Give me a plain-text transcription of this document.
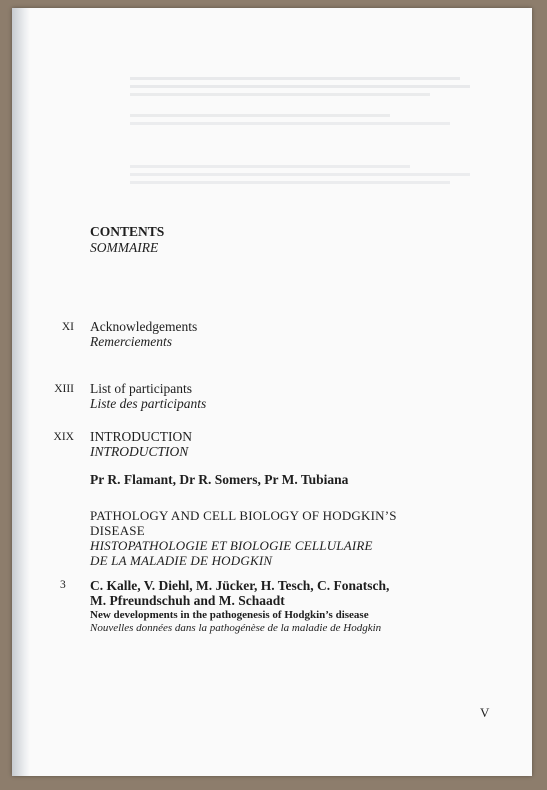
CONTENTS
SOMMAIRE
XI Acknowledgements
Remerciements
XIII List of participants
Liste des participants
XIX INTRODUCTION
INTRODUCTION
Pr R. Flamant, Dr R. Somers, Pr M. Tubiana
PATHOLOGY AND CELL BIOLOGY OF HODGKIN’S
DISEASE
HISTOPATHOLOGIE ET BIOLOGIE CELLULAIRE
DE LA MALADIE DE HODGKIN
3 C. Kalle, V. Diehl, M. Jücker, H. Tesch, C. Fonatsch,
M. Pfreundschuh and M. Schaadt
New developments in the pathogenesis of Hodgkin’s disease
Nouvelles données dans la pathogénèse de la maladie de Hodgkin
V
